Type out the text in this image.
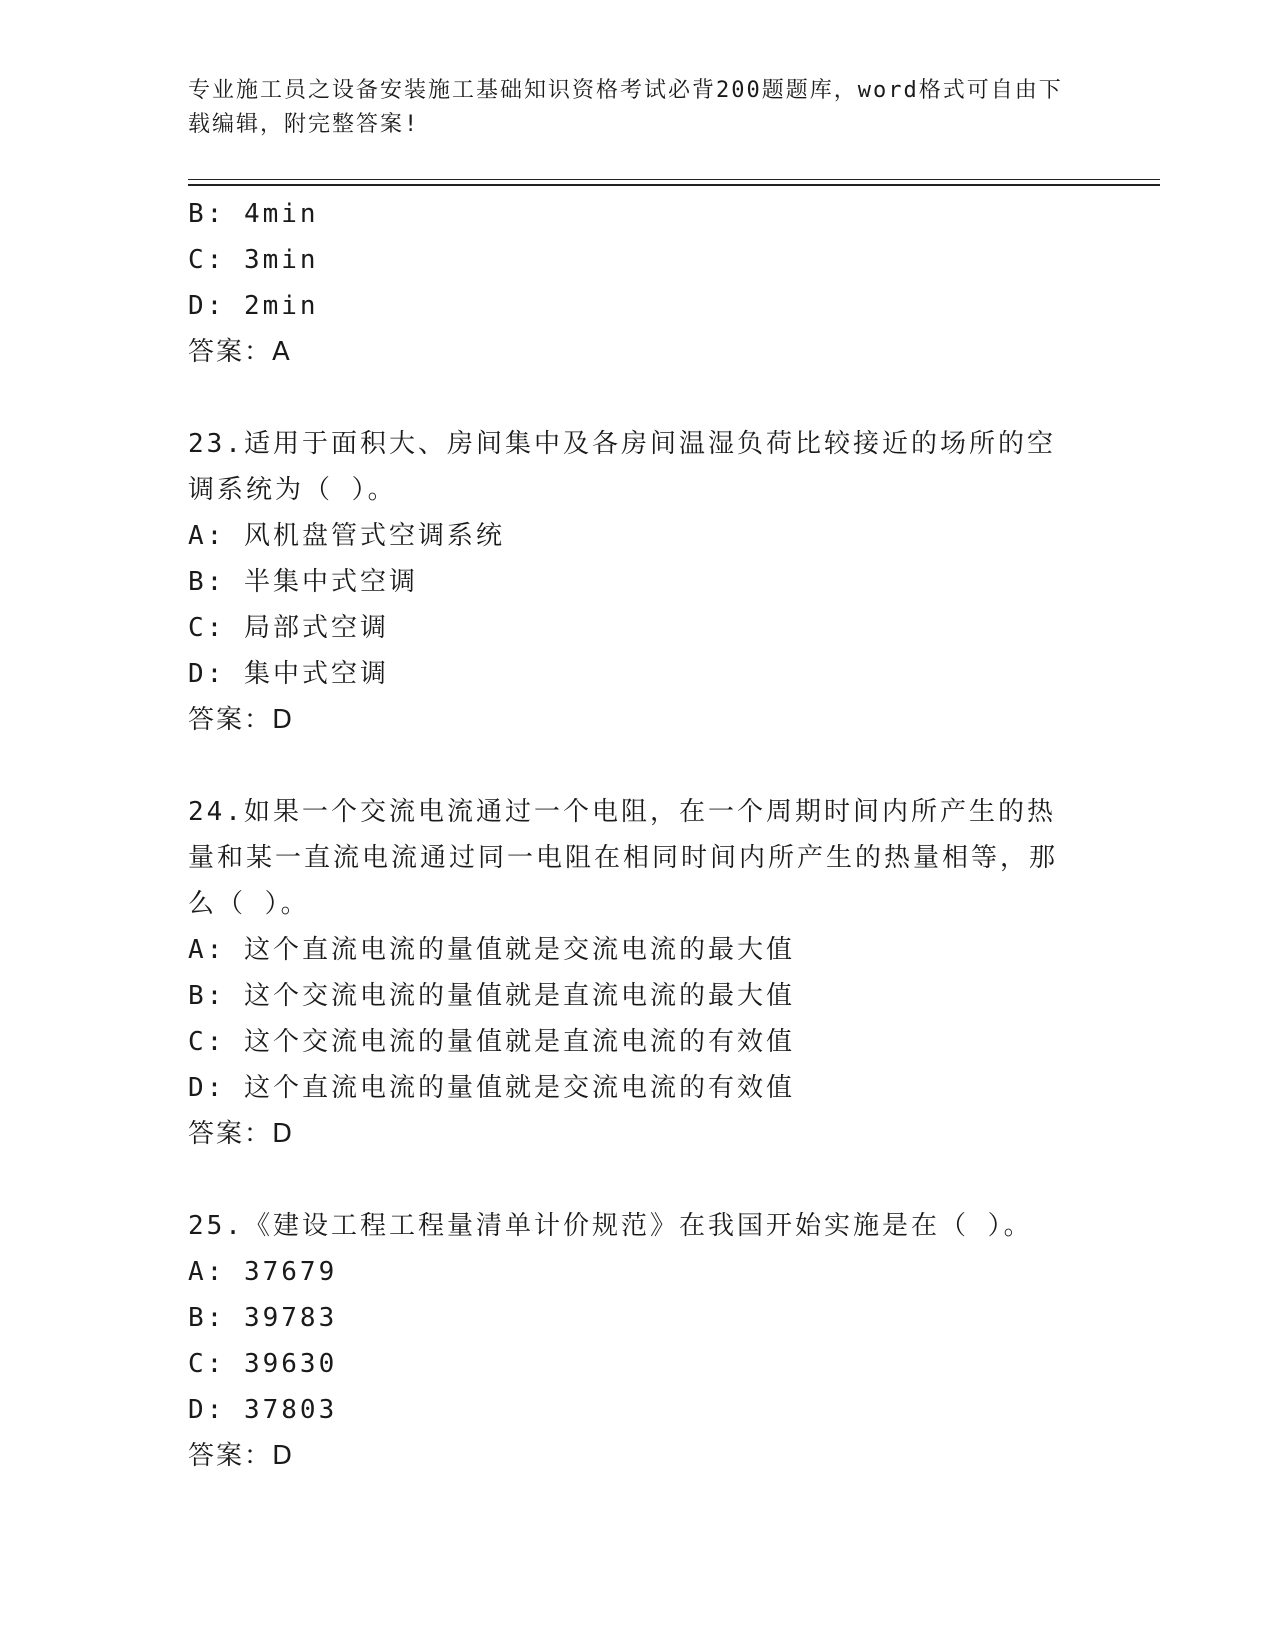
专业施工员之设备安装施工基础知识资格考试必背200题题库，word格式可自由下载编辑，附完整答案!
B: 4min
C: 3min
D: 2min
答案：A
23.适用于面积大、房间集中及各房间温湿负荷比较接近的场所的空调系统为（ ）。
A: 风机盘管式空调系统
B: 半集中式空调
C: 局部式空调
D: 集中式空调
答案：D
24.如果一个交流电流通过一个电阻，在一个周期时间内所产生的热量和某一直流电流通过同一电阻在相同时间内所产生的热量相等，那么（ ）。
A: 这个直流电流的量值就是交流电流的最大值
B: 这个交流电流的量值就是直流电流的最大值
C: 这个交流电流的量值就是直流电流的有效值
D: 这个直流电流的量值就是交流电流的有效值
答案：D
25.《建设工程工程量清单计价规范》在我国开始实施是在（ ）。
A: 37679
B: 39783
C: 39630
D: 37803
答案：D
